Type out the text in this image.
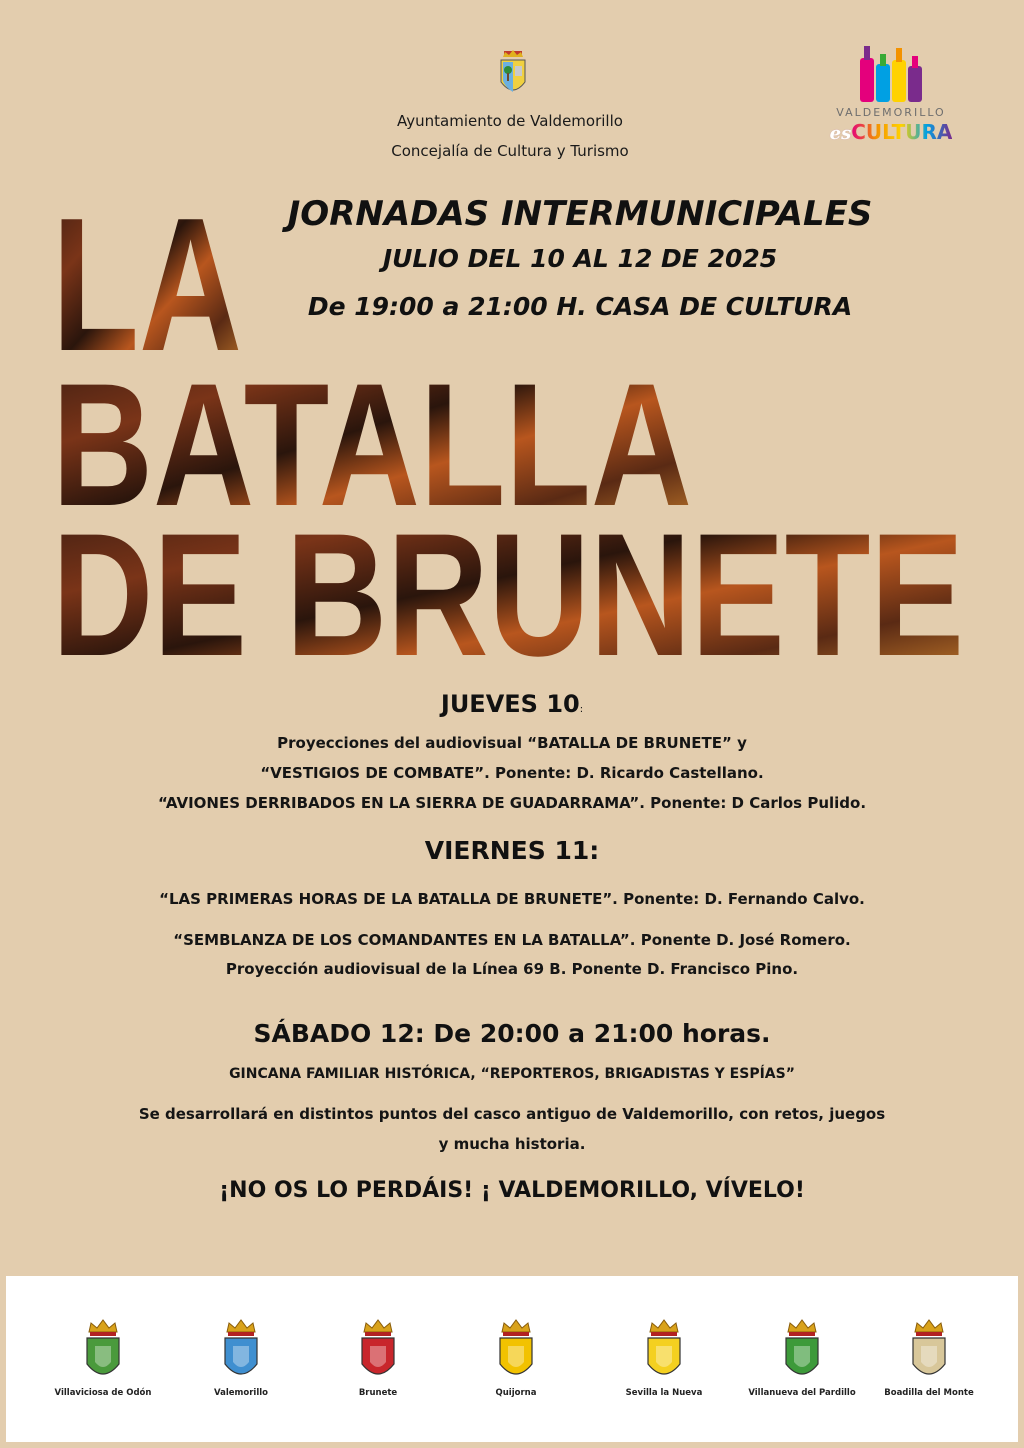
Ayuntamiento de Valdemorillo
Concejalía de Cultura y Turismo
VALDEMORILLO
esCULTURA
LA
BATALLA
DE BRUNETE
JORNADAS INTERMUNICIPALES
JULIO DEL 10 AL 12 DE 2025
De 19:00 a 21:00 H. CASA DE CULTURA
JUEVES 10:
Proyecciones del audiovisual “BATALLA DE BRUNETE” y
“VESTIGIOS DE COMBATE”. Ponente: D. Ricardo Castellano.
“AVIONES DERRIBADOS EN LA SIERRA DE GUADARRAMA”. Ponente: D Carlos Pulido.
VIERNES 11:
“LAS PRIMERAS HORAS DE LA BATALLA DE BRUNETE”. Ponente: D. Fernando Calvo.
“SEMBLANZA DE LOS COMANDANTES EN LA BATALLA”. Ponente D. José Romero.
Proyección audiovisual de la Línea 69 B. Ponente D. Francisco Pino.
SÁBADO 12: De 20:00 a 21:00 horas.
GINCANA FAMILIAR HISTÓRICA, “REPORTEROS, BRIGADISTAS Y ESPÍAS”
Se desarrollará en distintos puntos del casco antiguo de Valdemorillo, con retos, juegos
y mucha historia.
¡NO OS LO PERDÁIS! ¡ VALDEMORILLO, VÍVELO!
Villaviciosa de Odón	Valemorillo	Brunete	Quijorna	Sevilla la Nueva	Villanueva del Pardillo	Boadilla del Monte
